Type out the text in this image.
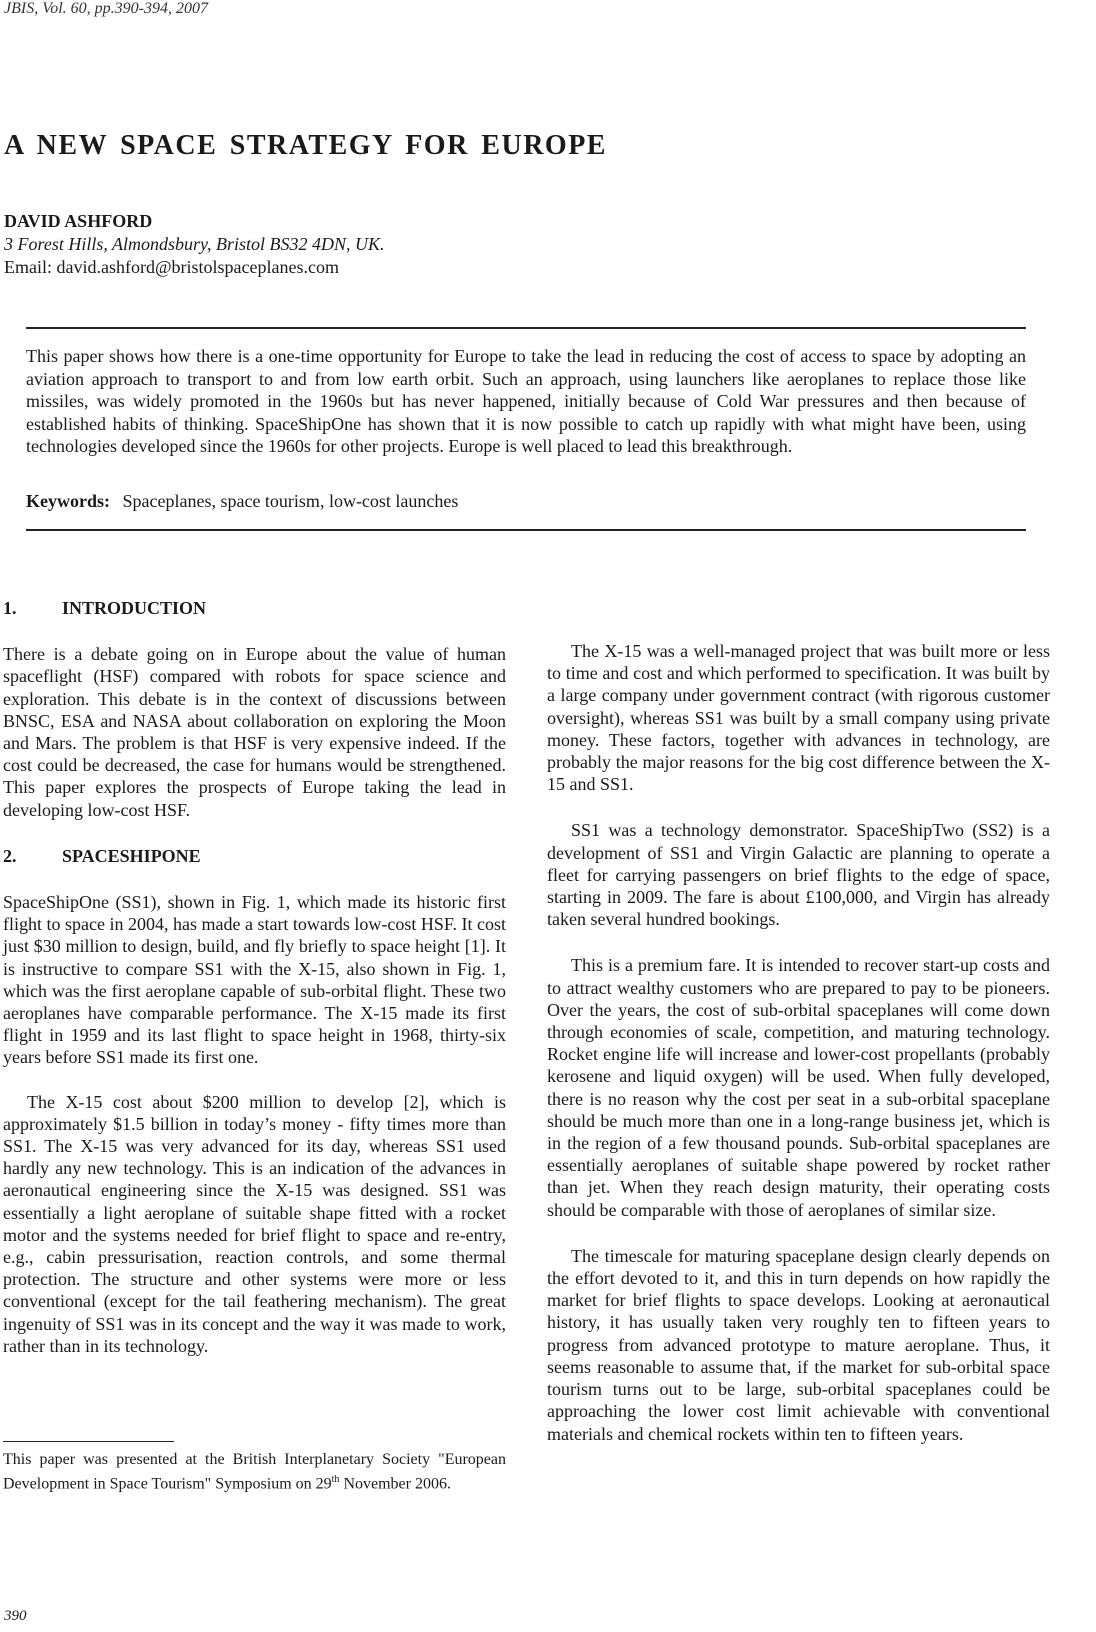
JBIS, Vol. 60, pp.390-394, 2007
A NEW SPACE STRATEGY FOR EUROPE
DAVID ASHFORD
3 Forest Hills, Almondsbury, Bristol BS32 4DN, UK.
Email: david.ashford@bristolspaceplanes.com

This paper shows how there is a one-time opportunity for Europe to take the lead in reducing the cost of access to space by adopting an aviation approach to transport to and from low earth orbit. Such an approach, using launchers like aeroplanes to replace those like missiles, was widely promoted in the 1960s but has never happened, initially because of Cold War pressures and then because of established habits of thinking. SpaceShipOne has shown that it is now possible to catch up rapidly with what might have been, using technologies developed since the 1960s for other projects. Europe is well placed to lead this breakthrough.

Keywords: Spaceplanes, space tourism, low-cost launches
1.	INTRODUCTION

There is a debate going on in Europe about the value of human spaceflight (HSF) compared with robots for space science and exploration. This debate is in the context of discussions between BNSC, ESA and NASA about collaboration on exploring the Moon and Mars. The problem is that HSF is very expensive indeed. If the cost could be decreased, the case for humans would be strengthened. This paper explores the prospects of Europe taking the lead in developing low-cost HSF.

2.	SPACESHIPONE

SpaceShipOne (SS1), shown in Fig. 1, which made its historic first flight to space in 2004, has made a start towards low-cost HSF. It cost just $30 million to design, build, and fly briefly to space height [1]. It is instructive to compare SS1 with the X-15, also shown in Fig. 1, which was the first aeroplane capable of sub-orbital flight. These two aeroplanes have comparable performance. The X-15 made its first flight in 1959 and its last flight to space height in 1968, thirty-six years before SS1 made its first one.

The X-15 cost about $200 million to develop [2], which is approximately $1.5 billion in today’s money - fifty times more than SS1. The X-15 was very advanced for its day, whereas SS1 used hardly any new technology. This is an indication of the advances in aeronautical engineering since the X-15 was designed. SS1 was essentially a light aeroplane of suitable shape fitted with a rocket motor and the systems needed for brief flight to space and re-entry, e.g., cabin pressurisation, reaction controls, and some thermal protection. The structure and other systems were more or less conventional (except for the tail feathering mechanism). The great ingenuity of SS1 was in its concept and the way it was made to work, rather than in its technology.

The X-15 was a well-managed project that was built more or less to time and cost and which performed to specification. It was built by a large company under government contract (with rigorous customer oversight), whereas SS1 was built by a small company using private money. These factors, together with advances in technology, are probably the major reasons for the big cost difference between the X-15 and SS1.

SS1 was a technology demonstrator. SpaceShipTwo (SS2) is a development of SS1 and Virgin Galactic are planning to operate a fleet for carrying passengers on brief flights to the edge of space, starting in 2009. The fare is about £100,000, and Virgin has already taken several hundred bookings.

This is a premium fare. It is intended to recover start-up costs and to attract wealthy customers who are prepared to pay to be pioneers. Over the years, the cost of sub-orbital spaceplanes will come down through economies of scale, competition, and maturing technology. Rocket engine life will increase and lower-cost propellants (probably kerosene and liquid oxygen) will be used. When fully developed, there is no reason why the cost per seat in a sub-orbital spaceplane should be much more than one in a long-range business jet, which is in the region of a few thousand pounds. Sub-orbital spaceplanes are essentially aeroplanes of suitable shape powered by rocket rather than jet. When they reach design maturity, their operating costs should be comparable with those of aeroplanes of similar size.

The timescale for maturing spaceplane design clearly depends on the effort devoted to it, and this in turn depends on how rapidly the market for brief flights to space develops. Looking at aeronautical history, it has usually taken very roughly ten to fifteen years to progress from advanced prototype to mature aeroplane. Thus, it seems reasonable to assume that, if the market for sub-orbital space tourism turns out to be large, sub-orbital spaceplanes could be approaching the lower cost limit achievable with conventional materials and chemical rockets within ten to fifteen years.

This paper was presented at the British Interplanetary Society "European Development in Space Tourism" Symposium on 29th November 2006.

390
